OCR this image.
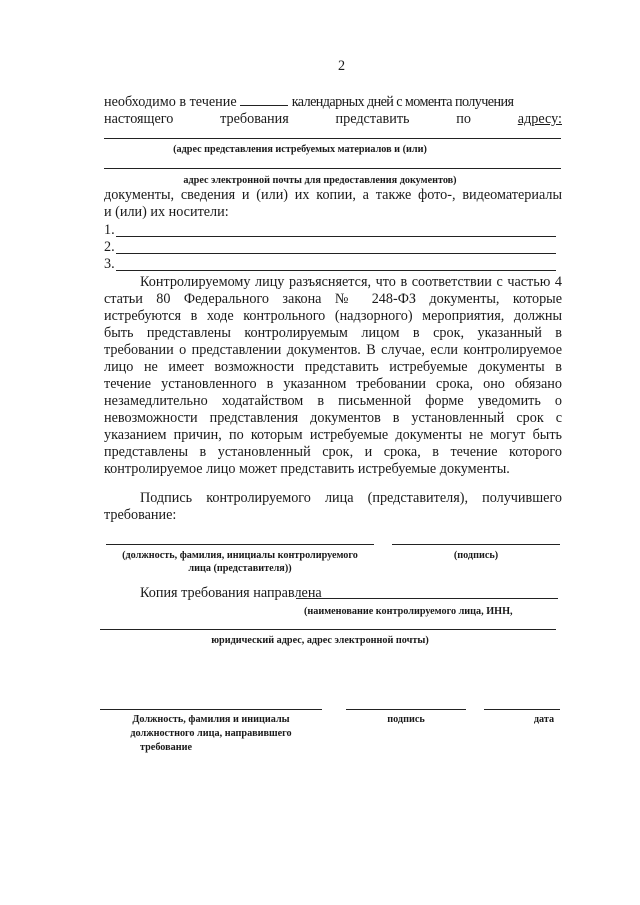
2
необходимо в течение	календарных дней с момента получения
настоящего	требования	представить	по	адресу:
(адрес представления истребуемых материалов и (или)
адрес электронной почты для предоставления документов)
документы, сведения и (или) их копии, а также фото-, видеоматериалы
и (или) их носители:
1.
2.
3.
Контролируемому лицу разъясняется, что в соответствии с частью 4
статьи 80 Федерального закона № 248-ФЗ документы, которые
истребуются в ходе контрольного (надзорного) мероприятия, должны
быть представлены контролируемым лицом в срок, указанный в
требовании о представлении документов. В случае, если контролируемое
лицо не имеет возможности представить истребуемые документы в
течение установленного в указанном требовании срока, оно обязано
незамедлительно ходатайством в письменной форме уведомить о
невозможности представления документов в установленный срок с
указанием причин, по которым истребуемые документы не могут быть
представлены в установленный срок, и срока, в течение которого
контролируемое лицо может представить истребуемые документы.
Подпись контролируемого лица (представителя), получившего
требование:
(должность, фамилия, инициалы контролируемого
лица (представителя))
(подпись)
Копия требования направлена
(наименование контролируемого лица, ИНН,
юридический адрес, адрес электронной почты)
Должность, фамилия и инициалы
должностного лица, направившего
требование
подпись	дата
